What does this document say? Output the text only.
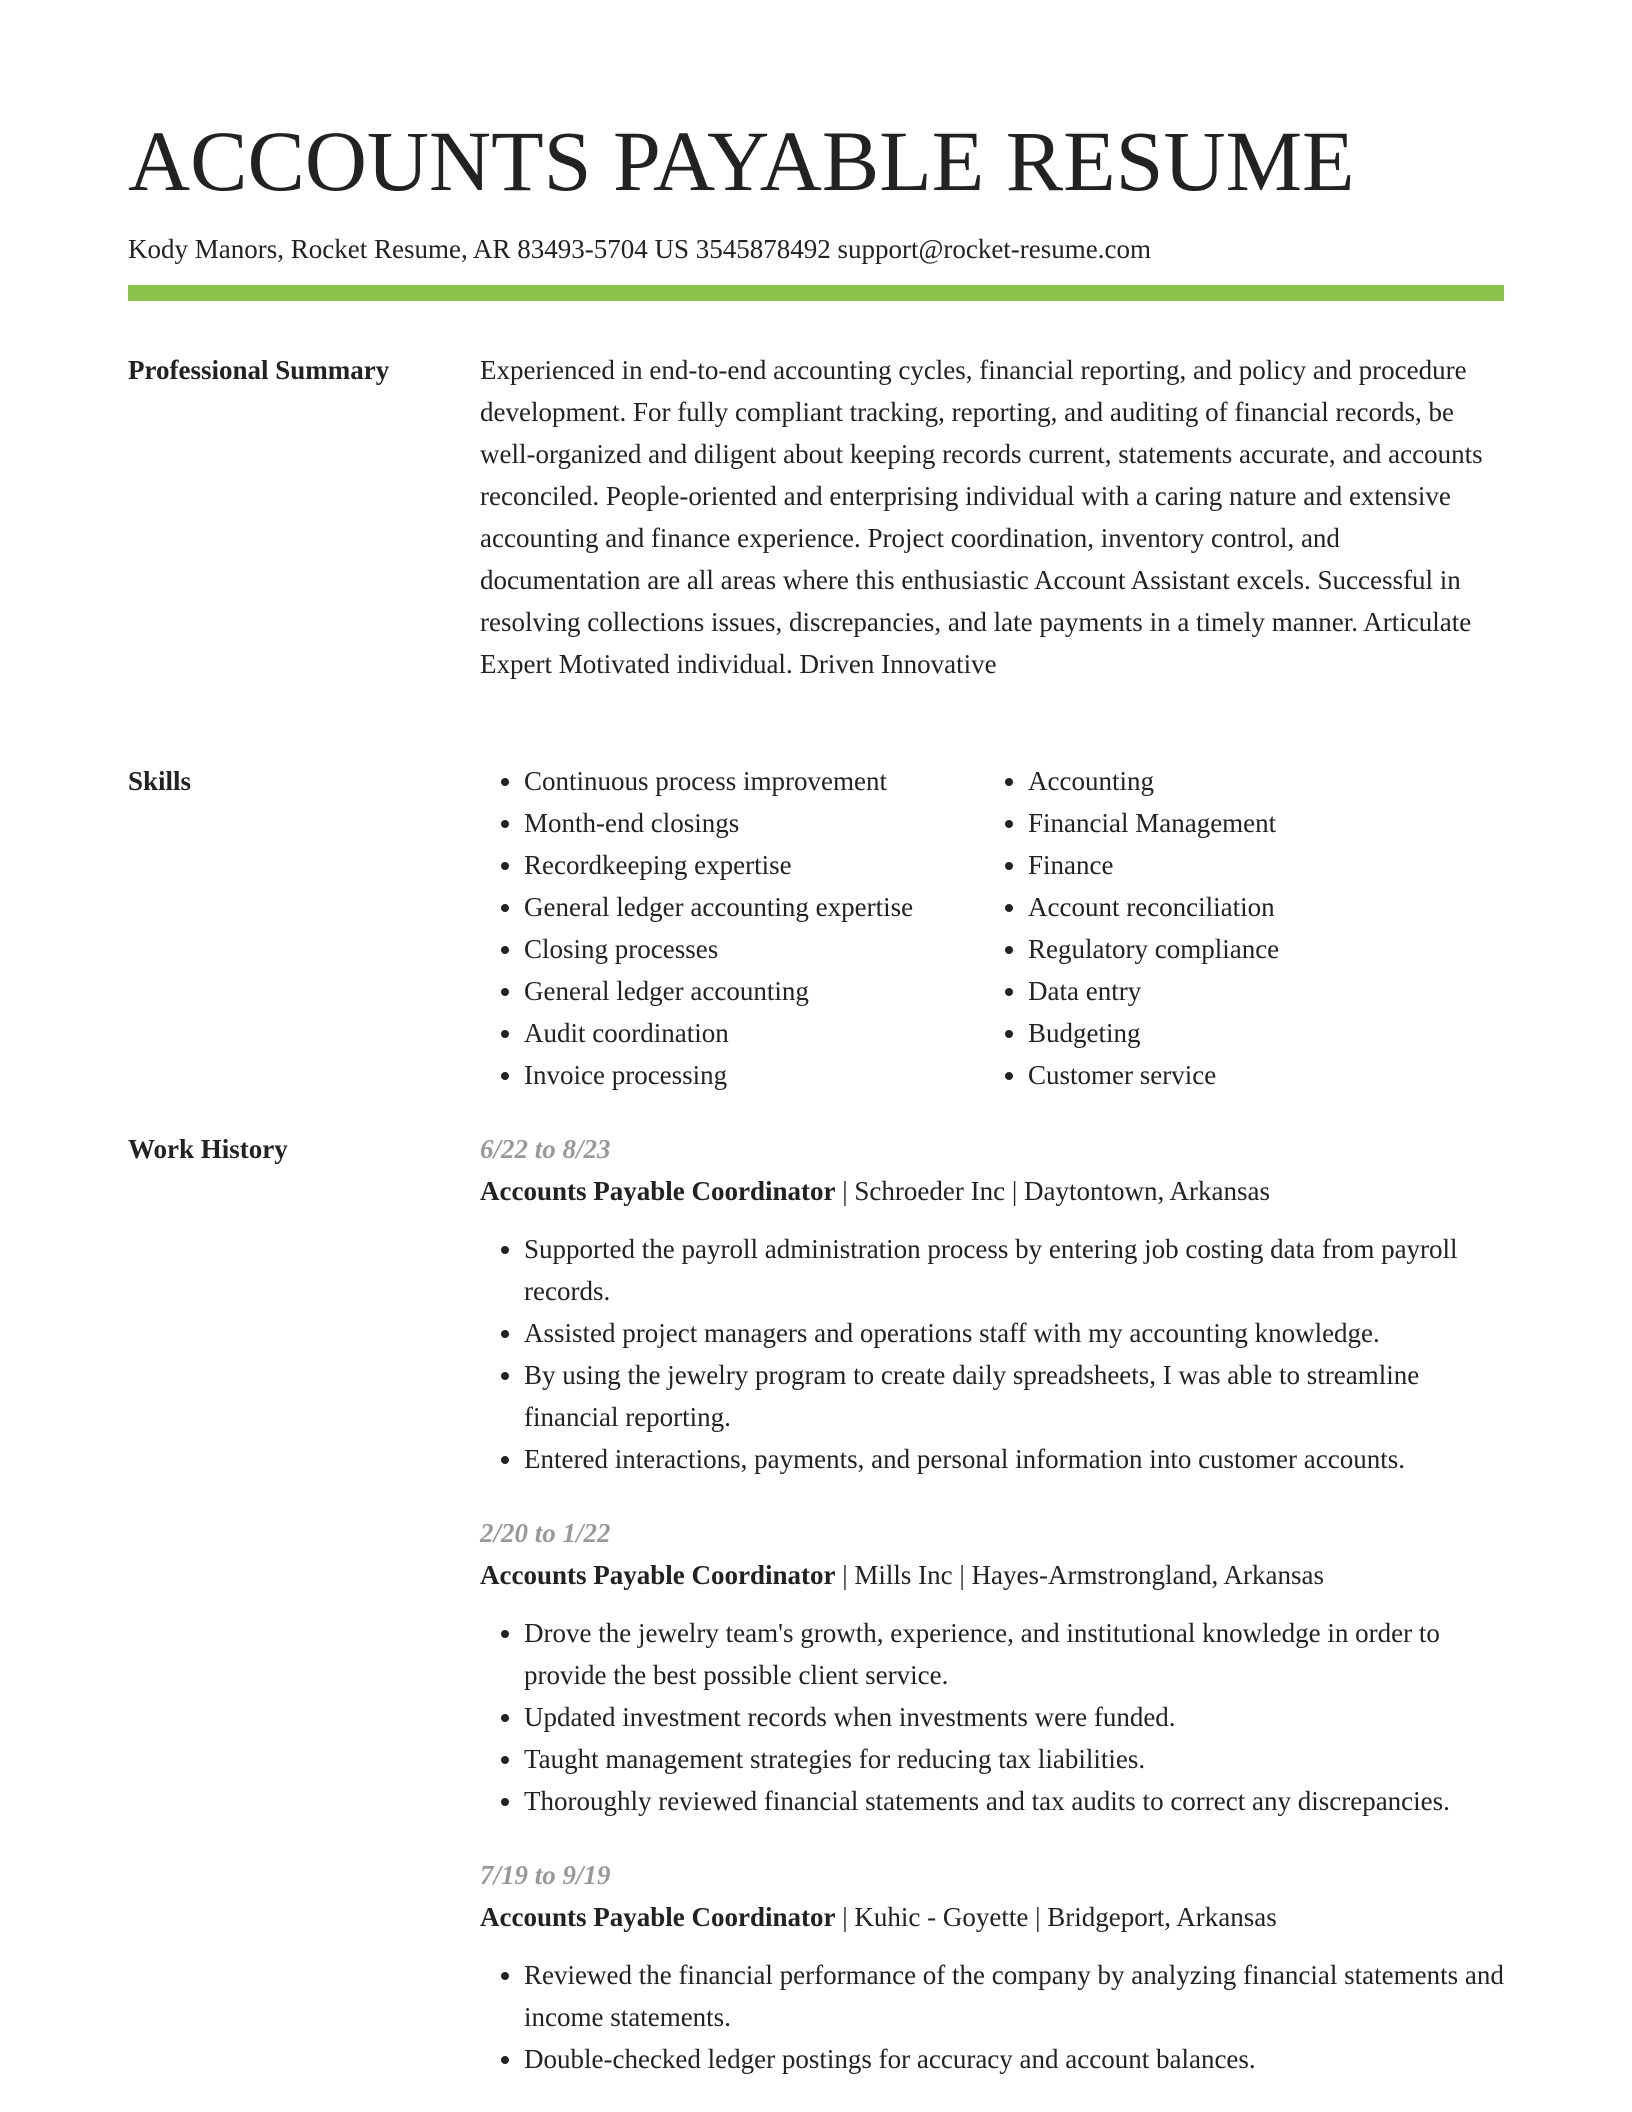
ACCOUNTS PAYABLE RESUME
Kody Manors, Rocket Resume, AR 83493-5704 US 3545878492 support@rocket-resume.com
Professional Summary	Experienced in end-to-end accounting cycles, financial reporting, and policy and procedure development. For fully compliant tracking, reporting, and auditing of financial records, be well-organized and diligent about keeping records current, statements accurate, and accounts reconciled. People-oriented and enterprising individual with a caring nature and extensive accounting and finance experience. Project coordination, inventory control, and documentation are all areas where this enthusiastic Account Assistant excels. Successful in resolving collections issues, discrepancies, and late payments in a timely manner. Articulate Expert Motivated individual. Driven Innovative

Skills
•	Continuous process improvement
• Month-end closings
• Recordkeeping expertise
• General ledger accounting expertise
• Closing processes
• General ledger accounting
• Audit coordination
• Invoice processing
• Accounting
• Financial Management
• Finance
• Account reconciliation
• Regulatory compliance
• Data entry
• Budgeting
• Customer service
Work History	6/22 to 8/23
Accounts Payable Coordinator | Schroeder Inc | Daytontown, Arkansas
• Supported the payroll administration process by entering job costing data from payroll records.
• Assisted project managers and operations staff with my accounting knowledge.
• By using the jewelry program to create daily spreadsheets, I was able to streamline financial reporting.
• Entered interactions, payments, and personal information into customer accounts.
2/20 to 1/22
Accounts Payable Coordinator | Mills Inc | Hayes-Armstrongland, Arkansas
• Drove the jewelry team's growth, experience, and institutional knowledge in order to provide the best possible client service.
• Updated investment records when investments were funded.
• Taught management strategies for reducing tax liabilities.
• Thoroughly reviewed financial statements and tax audits to correct any discrepancies.
7/19 to 9/19
Accounts Payable Coordinator | Kuhic - Goyette | Bridgeport, Arkansas
• Reviewed the financial performance of the company by analyzing financial statements and income statements.
• Double-checked ledger postings for accuracy and account balances.
